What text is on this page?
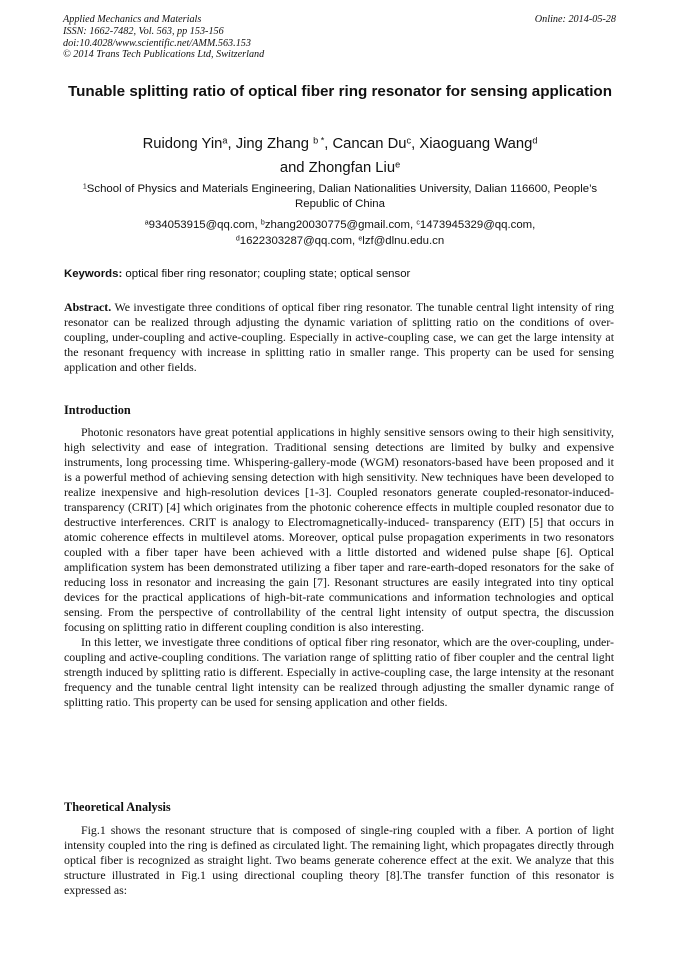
Applied Mechanics and Materials
ISSN: 1662-7482, Vol. 563, pp 153-156
doi:10.4028/www.scientific.net/AMM.563.153
© 2014 Trans Tech Publications Ltd, Switzerland
Online: 2014-05-28
Tunable splitting ratio of optical fiber ring resonator for sensing application
Ruidong Yin$^a$, Jing Zhang $^{b *}$, Cancan Du$^c$, Xiaoguang Wang$^d$
and Zhongfan Liu$^e$
$^1$School of Physics and Materials Engineering, Dalian Nationalities University, Dalian 116600, People’s Republic of China
$^a$934053915@qq.com, $^b$zhang20030775@gmail.com, $^c$1473945329@qq.com,
$^d$1622303287@qq.com, $^e$lzf@dlnu.edu.cn
Keywords: optical fiber ring resonator; coupling state; optical sensor

Abstract. We investigate three conditions of optical fiber ring resonator. The tunable central light intensity of ring resonator can be realized through adjusting the dynamic variation of splitting ratio on the conditions of over-coupling, under-coupling and active-coupling. Especially in active-coupling case, we can get the large intensity at the resonant frequency with increase in splitting ratio in smaller range. This property can be used for sensing application and other fields.

Introduction

Photonic resonators have great potential applications in highly sensitive sensors owing to their high sensitivity, high selectivity and ease of integration. Traditional sensing detections are limited by bulky and expensive instruments, long processing time. Whispering-gallery-mode (WGM) resonators-based have been proposed and it is a powerful method of achieving sensing detection with high sensitivity. New techniques have been developed to realize inexpensive and high-resolution devices [1-3]. Coupled resonators generate coupled-resonator-induced-transparency (CRIT) [4] which originates from the photonic coherence effects in multiple coupled resonator due to destructive interferences. CRIT is analogy to Electromagnetically-induced- transparency (EIT) [5] that occurs in atomic coherence effects in multilevel atoms. Moreover, optical pulse propagation experiments in two resonators coupled with a fiber taper have been achieved with a little distorted and widened pulse shape [6]. Optical amplification system has been demonstrated utilizing a fiber taper and rare-earth-doped resonators for the sake of reducing loss in resonator and increasing the gain [7]. Resonant structures are easily integrated into tiny optical devices for the practical applications of high-bit-rate communications and information technologies and optical sensing. From the perspective of controllability of the central light intensity of output spectra, the discussion focusing on splitting ratio in different coupling condition is also interesting.

In this letter, we investigate three conditions of optical fiber ring resonator, which are the over-coupling, under-coupling and active-coupling conditions. The variation range of splitting ratio of fiber coupler and the central light strength induced by splitting ratio is different. Especially in active-coupling case, the large intensity at the resonant frequency and the tunable central light intensity can be realized through adjusting the smaller dynamic range of splitting ratio. This property can be used for sensing application and other fields.

Theoretical Analysis

Fig.1 shows the resonant structure that is composed of single-ring coupled with a fiber. A portion of light intensity coupled into the ring is defined as circulated light. The remaining light, which propagates directly through optical fiber is recognized as straight light. Two beams generate coherence effect at the exit. We analyze that this structure illustrated in Fig.1 using directional coupling theory [8].The transfer function of this resonator is expressed as:
